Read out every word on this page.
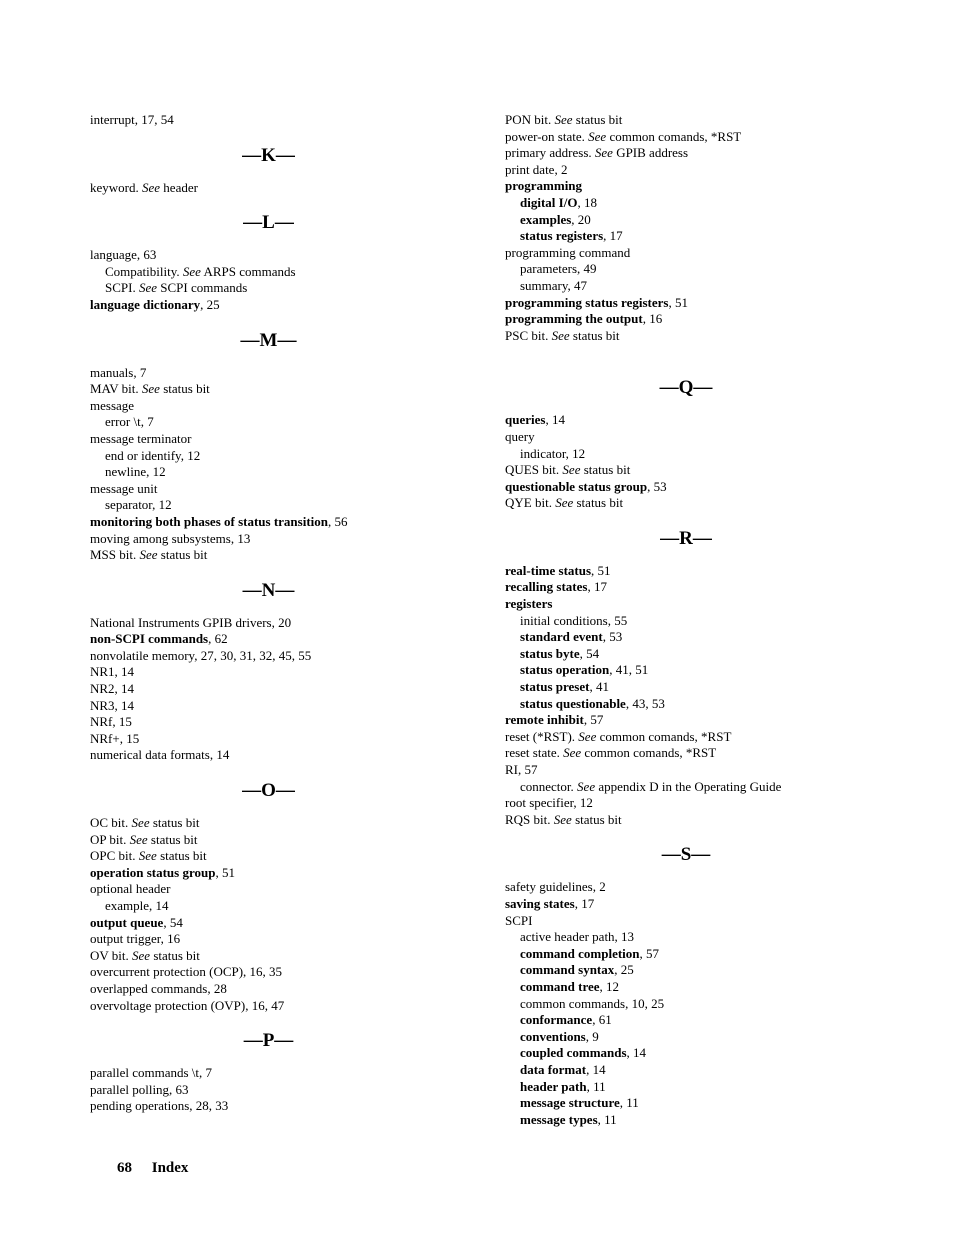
interrupt, 17, 54
—K—
keyword. See header
—L—
language, 63
Compatibility. See ARPS commands
SCPI. See SCPI commands
language dictionary, 25
—M—
manuals, 7
MAV bit. See status bit
message
error \t, 7
message terminator
end or identify, 12
newline, 12
message unit
separator, 12
monitoring both phases of status transition, 56
moving among subsystems, 13
MSS bit. See status bit
—N—
National Instruments GPIB drivers, 20
non-SCPI commands, 62
nonvolatile memory, 27, 30, 31, 32, 45, 55
NR1, 14
NR2, 14
NR3, 14
NRf, 15
NRf+, 15
numerical data formats, 14
—O—
OC bit. See status bit
OP bit. See status bit
OPC bit. See status bit
operation status group, 51
optional header
example, 14
output queue, 54
output trigger, 16
OV bit. See status bit
overcurrent protection (OCP), 16, 35
overlapped commands, 28
overvoltage protection (OVP), 16, 47
—P—
parallel commands \t, 7
parallel polling, 63
pending operations, 28, 33
PON bit. See status bit
power-on state. See common comands, *RST
primary address. See GPIB address
print date, 2
programming
digital I/O, 18
examples, 20
status registers, 17
programming command
parameters, 49
summary, 47
programming status registers, 51
programming the output, 16
PSC bit. See status bit
—Q—
queries, 14
query
indicator, 12
QUES bit. See status bit
questionable status group, 53
QYE bit. See status bit
—R—
real-time status, 51
recalling states, 17
registers
initial conditions, 55
standard event, 53
status byte, 54
status operation, 41, 51
status preset, 41
status questionable, 43, 53
remote inhibit, 57
reset (*RST). See common comands, *RST
reset state. See common comands, *RST
RI, 57
connector. See appendix D in the Operating Guide
root specifier, 12
RQS bit. See status bit
—S—
safety guidelines, 2
saving states, 17
SCPI
active header path, 13
command completion, 57
command syntax, 25
command tree, 12
common commands, 10, 25
conformance, 61
conventions, 9
coupled commands, 14
data format, 14
header path, 11
message structure, 11
message types, 11
68 Index
